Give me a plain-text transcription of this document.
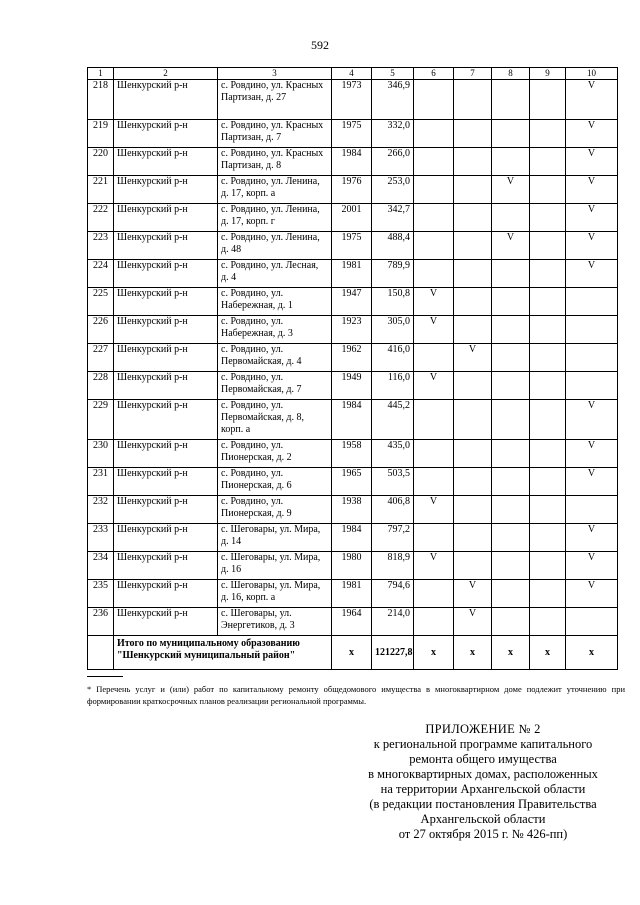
592
1	2	3	4	5	6	7	8	9	10
218	Шенкурский р-н	с. Ровдино, ул. Красных Партизан, д. 27	1973	346,9					V
219	Шенкурский р-н	с. Ровдино, ул. Красных Партизан, д. 7	1975	332,0					V
220	Шенкурский р-н	с. Ровдино, ул. Красных Партизан, д. 8	1984	266,0					V
221	Шенкурский р-н	с. Ровдино, ул. Ленина, д. 17, корп. а	1976	253,0			V		V
222	Шенкурский р-н	с. Ровдино, ул. Ленина, д. 17, корп. г	2001	342,7					V
223	Шенкурский р-н	с. Ровдино, ул. Ленина, д. 48	1975	488,4			V		V
224	Шенкурский р-н	с. Ровдино, ул. Лесная, д. 4	1981	789,9					V
225	Шенкурский р-н	с. Ровдино, ул. Набережная, д. 1	1947	150,8	V				
226	Шенкурский р-н	с. Ровдино, ул. Набережная, д. 3	1923	305,0	V				
227	Шенкурский р-н	с. Ровдино, ул. Первомайская, д. 4	1962	416,0		V			
228	Шенкурский р-н	с. Ровдино, ул. Первомайская, д. 7	1949	116,0	V				
229	Шенкурский р-н	с. Ровдино, ул. Первомайская, д. 8, корп. а	1984	445,2					V
230	Шенкурский р-н	с. Ровдино, ул. Пионерская, д. 2	1958	435,0					V
231	Шенкурский р-н	с. Ровдино, ул. Пионерская, д. 6	1965	503,5					V
232	Шенкурский р-н	с. Ровдино, ул. Пионерская, д. 9	1938	406,8	V				
233	Шенкурский р-н	с. Шеговары, ул. Мира, д. 14	1984	797,2					V
234	Шенкурский р-н	с. Шеговары, ул. Мира, д. 16	1980	818,9	V				V
235	Шенкурский р-н	с. Шеговары, ул. Мира, д. 16, корп. а	1981	794,6		V			V
236	Шенкурский р-н	с. Шеговары, ул. Энергетиков, д. 3	1964	214,0		V			
	Итого по муниципальному образованию "Шенкурский муниципальный район"		x	121227,8	x	x	x	x	x
* Перечень услуг и (или) работ по капитальному ремонту общедомового имущества в многоквартирном доме подлежит уточнению при формировании краткосрочных планов реализации региональной программы.
ПРИЛОЖЕНИЕ № 2
к региональной программе капитального
ремонта общего имущества
в многоквартирных домах, расположенных
на территории Архангельской области
(в редакции постановления Правительства
Архангельской области
от 27 октября 2015 г. № 426-пп)
